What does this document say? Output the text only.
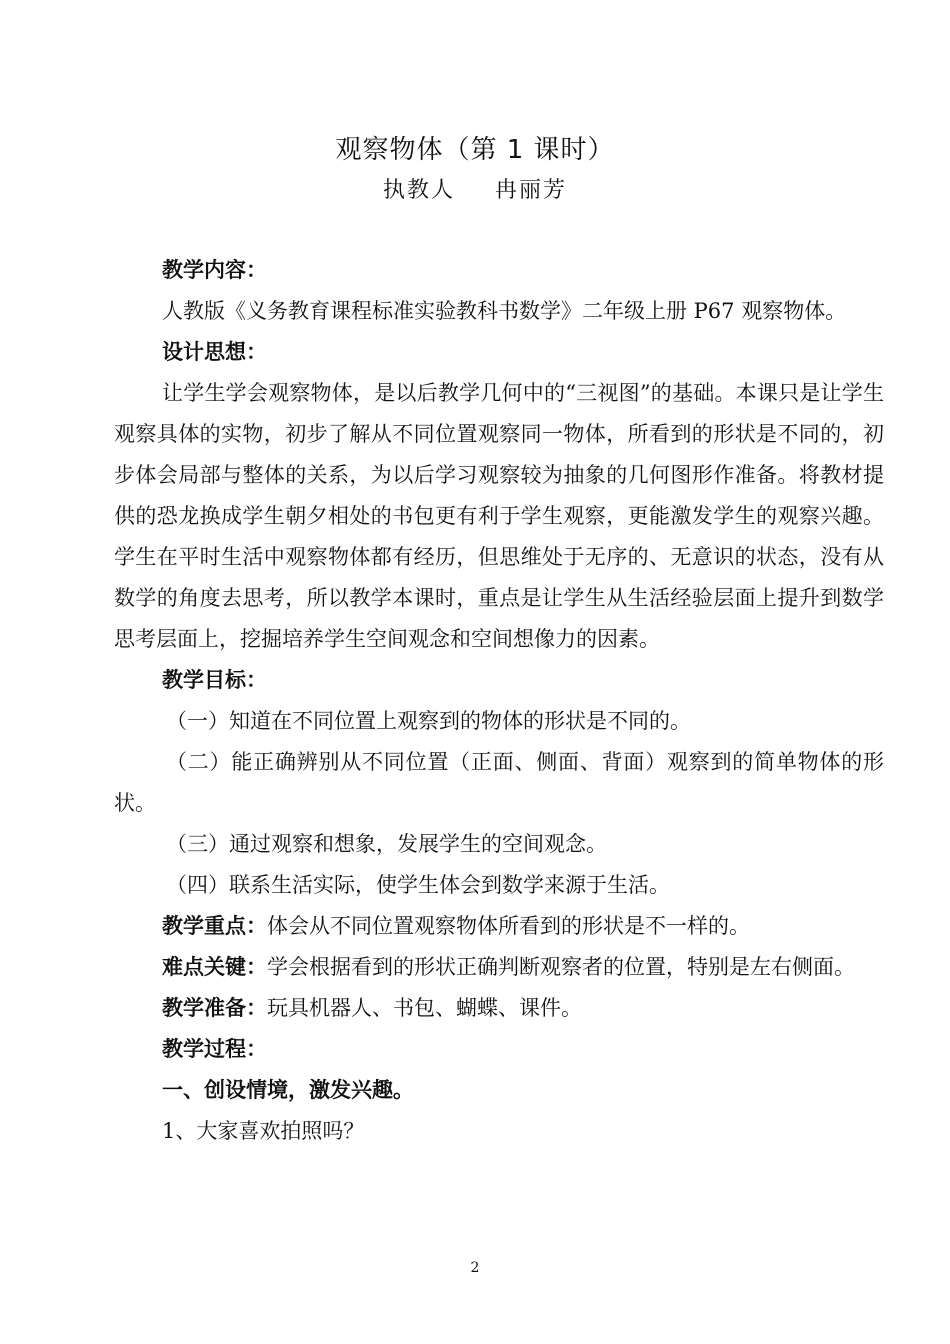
观察物体（第 1 课时）
执教人 冉丽芳

教学内容：

人教版《义务教育课程标准实验教科书数学》二年级上册 P67 观察物体。

设计思想：

让学生学会观察物体，是以后教学几何中的“三视图”的基础。本课只是让学生观察具体的实物，初步了解从不同位置观察同一物体，所看到的形状是不同的，初步体会局部与整体的关系，为以后学习观察较为抽象的几何图形作准备。将教材提供的恐龙换成学生朝夕相处的书包更有利于学生观察，更能激发学生的观察兴趣。学生在平时生活中观察物体都有经历，但思维处于无序的、无意识的状态，没有从数学的角度去思考，所以教学本课时，重点是让学生从生活经验层面上提升到数学思考层面上，挖掘培养学生空间观念和空间想像力的因素。

教学目标：

（一）知道在不同位置上观察到的物体的形状是不同的。

（二）能正确辨别从不同位置（正面、侧面、背面）观察到的简单物体的形状。

（三）通过观察和想象，发展学生的空间观念。

（四）联系生活实际，使学生体会到数学来源于生活。

教学重点：体会从不同位置观察物体所看到的形状是不一样的。

难点关键：学会根据看到的形状正确判断观察者的位置，特别是左右侧面。

教学准备：玩具机器人、书包、蝴蝶、课件。

教学过程：

一、创设情境，激发兴趣。

1、大家喜欢拍照吗？

2
